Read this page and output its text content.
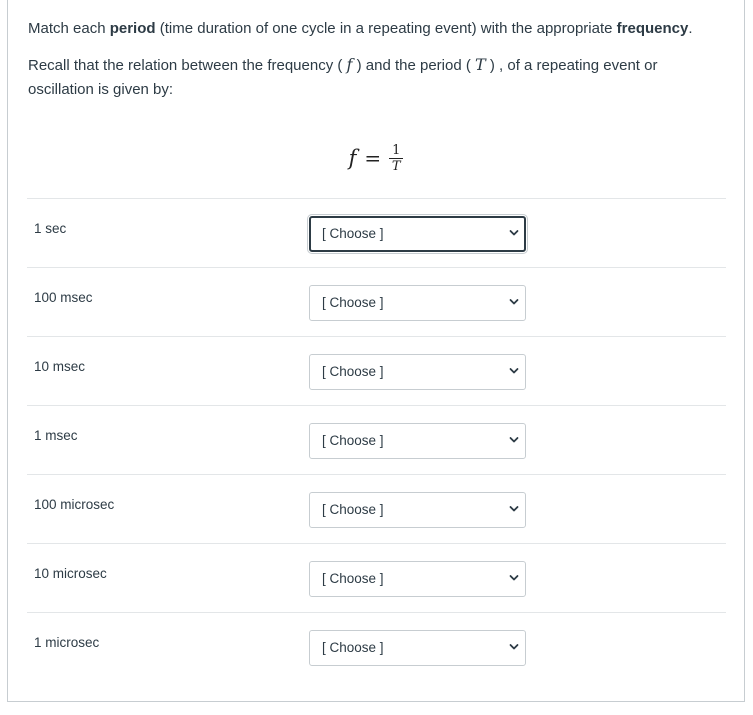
Match each period (time duration of one cycle in a repeating event) with the appropriate frequency.

Recall that the relation between the frequency ( f ) and the period ( T ) , of a repeating event or oscillation is given by:

$f = \frac{1}{T}$
1 sec	[ Choose ]
100 msec	[ Choose ]
10 msec	[ Choose ]
1 msec	[ Choose ]
100 microsec	[ Choose ]
10 microsec	[ Choose ]
1 microsec	[ Choose ]
